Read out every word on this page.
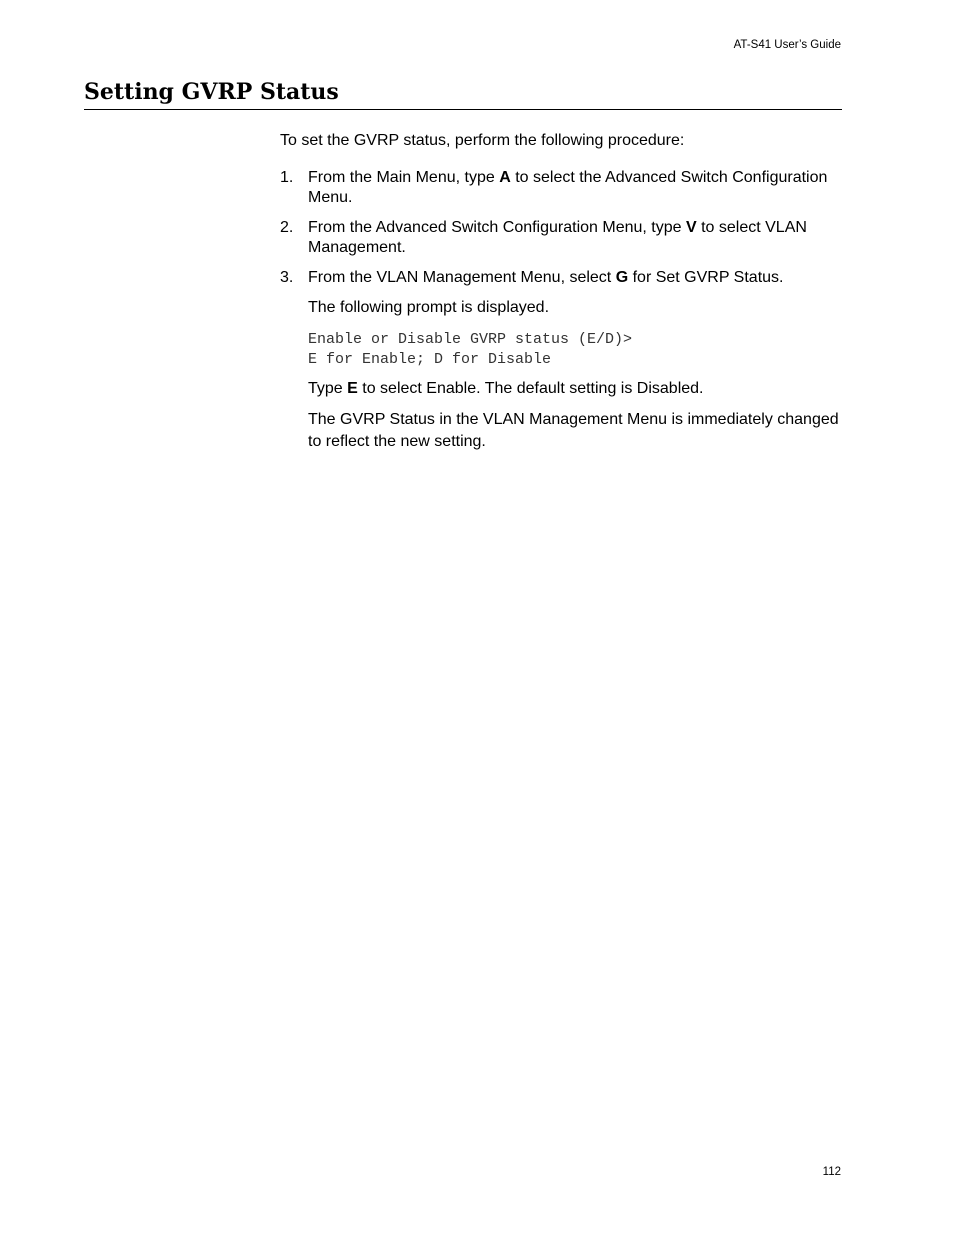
AT-S41 User’s Guide
Setting GVRP Status

To set the GVRP status, perform the following procedure:

1. From the Main Menu, type A to select the Advanced Switch Configuration Menu.
2. From the Advanced Switch Configuration Menu, type V to select VLAN Management.
3. From the VLAN Management Menu, select G for Set GVRP Status.

The following prompt is displayed.

Enable or Disable GVRP status (E/D)>
E for Enable; D for Disable

Type E to select Enable. The default setting is Disabled.

The GVRP Status in the VLAN Management Menu is immediately changed to reflect the new setting.

112
